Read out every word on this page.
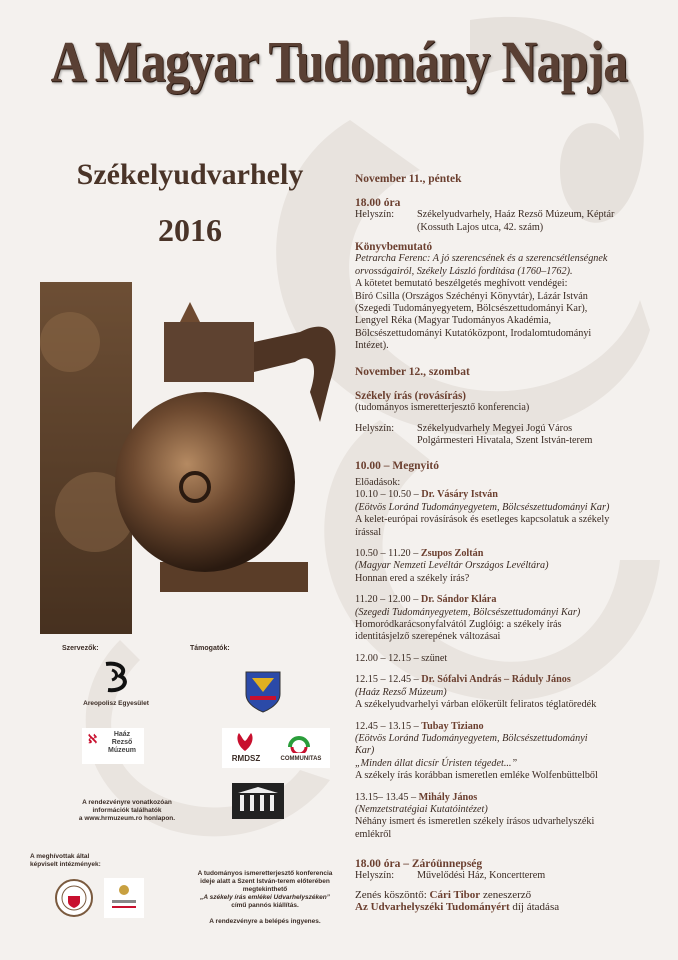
A Magyar Tudomány Napja
Székelyudvarhely
2016
November 11., péntek
18.00 óra
Helyszín:	Székelyudvarhely, Haáz Rezső Múzeum, Képtár
(Kossuth Lajos utca, 42. szám)
Könyvbemutató
Petrarcha Ferenc: A jó szerencsének és a szerencsétlenségnek
orvosságairól, Székely László fordítása (1760–1762).
A kötetet bemutató beszélgetés meghívott vendégei:
Bíró Csilla (Országos Széchényi Könyvtár), Lázár István
(Szegedi Tudományegyetem, Bölcsészettudományi Kar),
Lengyel Réka (Magyar Tudományos Akadémia,
Bölcsészettudományi Kutatóközpont, Irodalomtudományi
Intézet).
November 12., szombat
Székely írás (rovásírás)
(tudományos ismeretterjesztő konferencia)
Helyszín:	Székelyudvarhely Megyei Jogú Város
Polgármesteri Hivatala, Szent István-terem
10.00 – Megnyitó
Előadások:
10.10 – 10.50 – Dr. Vásáry István
(Eötvös Loránd Tudományegyetem, Bölcsészettudományi Kar)
A kelet-európai rovásírások és esetleges kapcsolatuk a székely
írással
10.50 – 11.20 – Zsupos Zoltán
(Magyar Nemzeti Levéltár Országos Levéltára)
Honnan ered a székely írás?
11.20 – 12.00 – Dr. Sándor Klára
(Szegedi Tudományegyetem, Bölcsészettudományi Kar)
Homoródkarácsonyfalvától Zuglóig: a székely írás
identitásjelző szerepének változásai
12.00 – 12.15 – szünet
12.15 – 12.45 – Dr. Sófalvi András – Ráduly János
(Haáz Rezső Múzeum)
A székelyudvarhelyi várban előkerült feliratos téglatöredék
12.45 – 13.15 – Tubay Tiziano
(Eötvös Loránd Tudományegyetem, Bölcsészettudományi
Kar)
„Minden állat dicsír Úristen tégedet...”
A székely írás korábban ismeretlen emléke Wolfenbüttelből
13.15– 13.45 – Mihály János
(Nemzetstratégiai Kutatóintézet)
Néhány ismert és ismeretlen székely írásos udvarhelyszéki
emlékről
18.00 óra – Záróünnepség
Helyszín:	Művelődési Ház, Koncertterem
Zenés köszöntő: Cári Tibor zeneszerző
Az Udvarhelyszéki Tudományért díj átadása
Szervezők:	Támogatók:
Areopolisz Egyesület
ℵ	Haáz
Rezső
Múzeum
RMDSZ	COMMUNITAS
A rendezvényre vonatkozóan
információk találhatók
a www.hrmuzeum.ro honlapon.
A meghívottak által
képviselt intézmények:
A tudományos ismeretterjesztő konferencia
ideje alatt a Szent István-terem előterében
megtekinthető
„A székely írás emlékei Udvarhelyszéken”
című pannós kiállítás.
A rendezvényre a belépés ingyenes.
